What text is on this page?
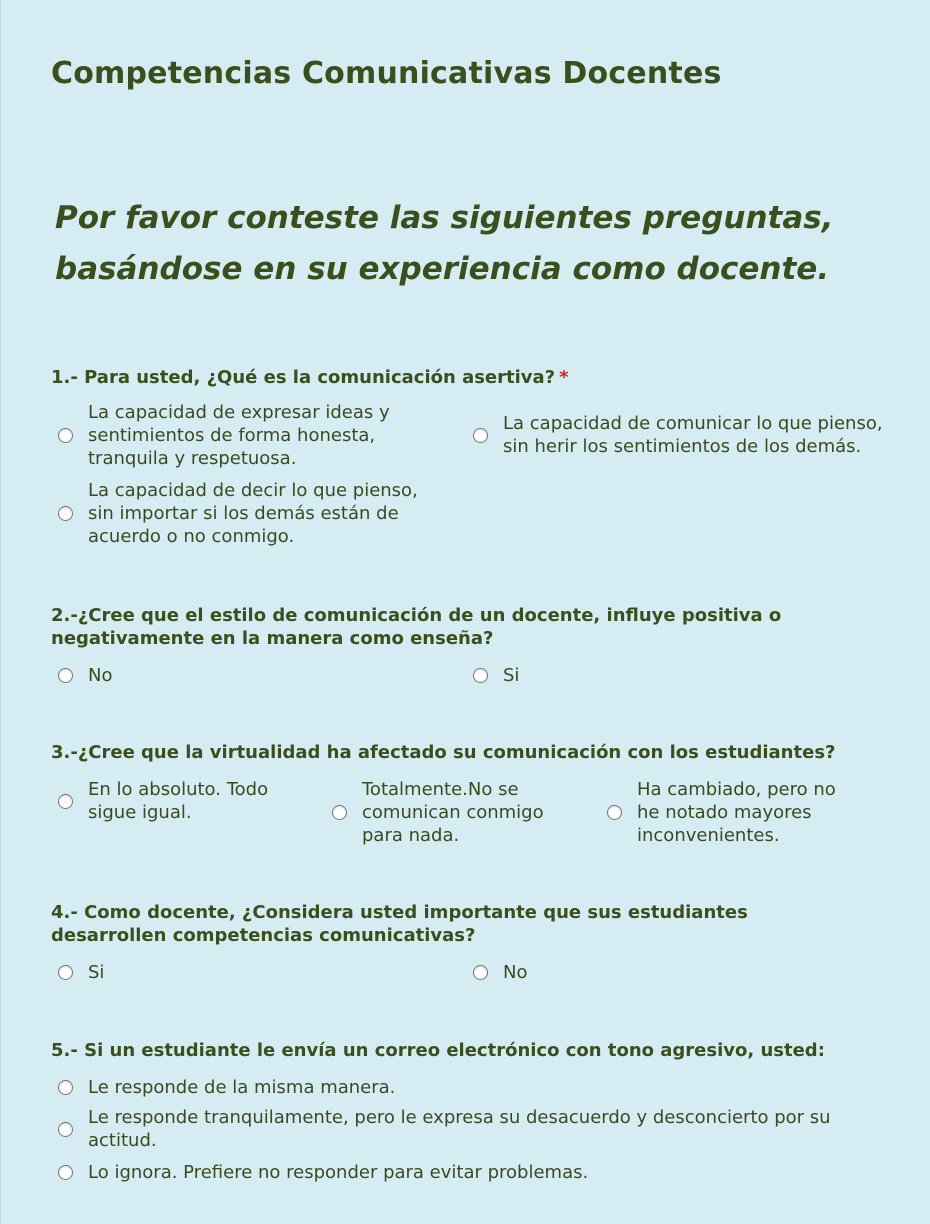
Competencias Comunicativas Docentes
Por favor conteste las siguientes preguntas,
basándose en su experiencia como docente.

1.- Para usted, ¿Qué es la comunicación asertiva? *

La capacidad de expresar ideas y sentimientos de forma honesta, tranquila y respetuosa.
La capacidad de comunicar lo que pienso, sin herir los sentimientos de los demás.
La capacidad de decir lo que pienso, sin importar si los demás están de acuerdo o no conmigo.

2.-¿Cree que el estilo de comunicación de un docente, influye positiva o
negativamente en la manera como enseña?

No	Si

3.-¿Cree que la virtualidad ha afectado su comunicación con los estudiantes?

En lo absoluto. Todo sigue igual.
Totalmente.No se comunican conmigo para nada.
Ha cambiado, pero no he notado mayores inconvenientes.

4.- Como docente, ¿Considera usted importante que sus estudiantes
desarrollen competencias comunicativas?

Si	No

5.- Si un estudiante le envía un correo electrónico con tono agresivo, usted:

Le responde de la misma manera.
Le responde tranquilamente, pero le expresa su desacuerdo y desconcierto por su actitud.
Lo ignora. Prefiere no responder para evitar problemas.
